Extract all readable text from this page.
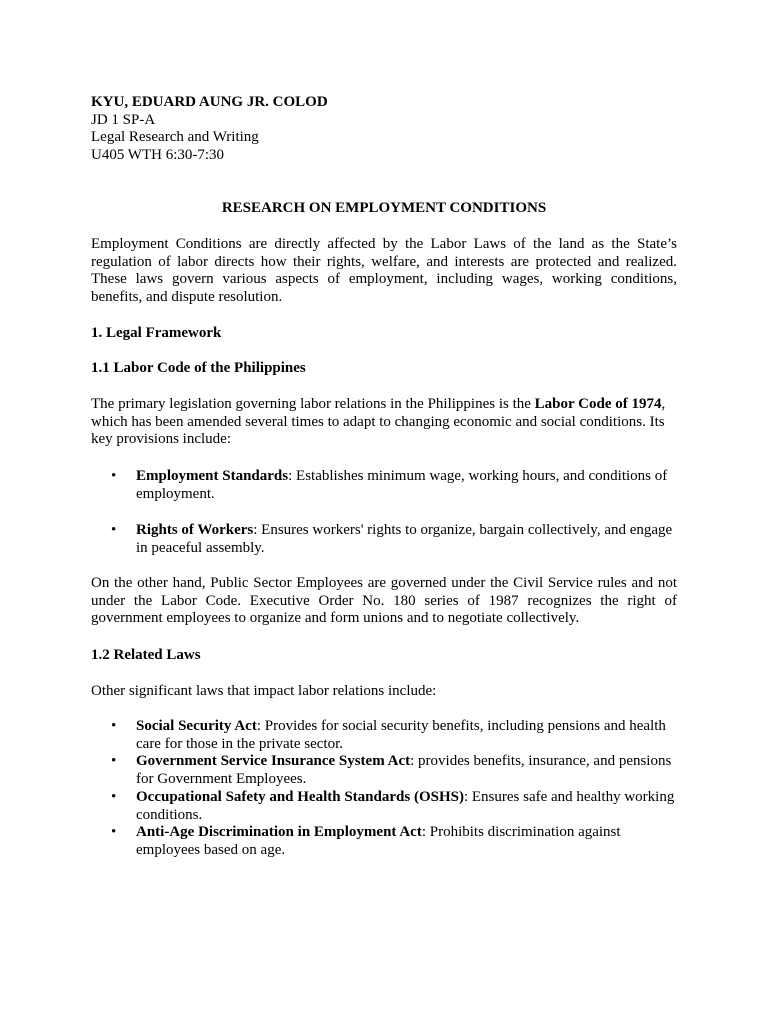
KYU, EDUARD AUNG JR. COLOD

JD 1 SP-A

Legal Research and Writing

U405 WTH 6:30-7:30

RESEARCH ON EMPLOYMENT CONDITIONS

Employment Conditions are directly affected by the Labor Laws of the land as the State’s regulation of labor directs how their rights, welfare, and interests are protected and realized. These laws govern various aspects of employment, including wages, working conditions, benefits, and dispute resolution.

1. Legal Framework

1.1 Labor Code of the Philippines

The primary legislation governing labor relations in the Philippines is the Labor Code of 1974, which has been amended several times to adapt to changing economic and social conditions. Its key provisions include:

• Employment Standards: Establishes minimum wage, working hours, and conditions of employment.
• Rights of Workers: Ensures workers' rights to organize, bargain collectively, and engage in peaceful assembly.

On the other hand, Public Sector Employees are governed under the Civil Service rules and not under the Labor Code. Executive Order No. 180 series of 1987 recognizes the right of government employees to organize and form unions and to negotiate collectively.

1.2 Related Laws

Other significant laws that impact labor relations include:

• Social Security Act: Provides for social security benefits, including pensions and health care for those in the private sector.
• Government Service Insurance System Act: provides benefits, insurance, and pensions for Government Employees.
• Occupational Safety and Health Standards (OSHS): Ensures safe and healthy working conditions.
• Anti-Age Discrimination in Employment Act: Prohibits discrimination against employees based on age.
